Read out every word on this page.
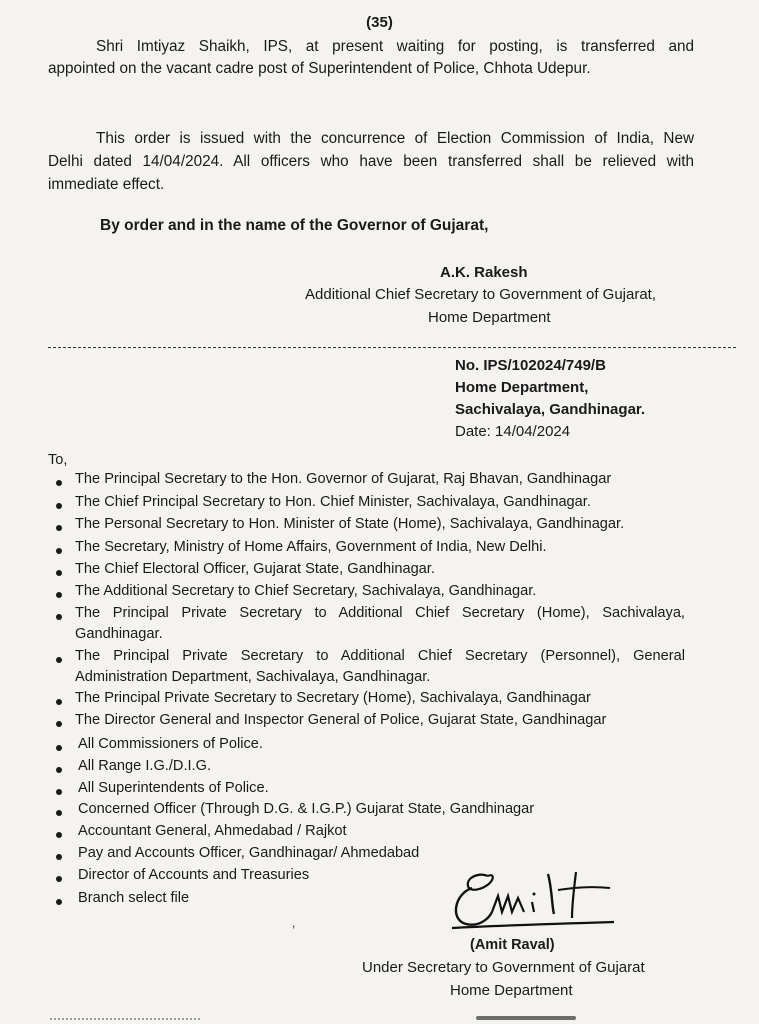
(35)
Shri Imtiyaz Shaikh, IPS, at present waiting for posting, is transferred and
appointed on the vacant cadre post of Superintendent of Police, Chhota Udepur.
This order is issued with the concurrence of Election Commission of India, New
Delhi dated 14/04/2024. All officers who have been transferred shall be relieved with
immediate effect.
By order and in the name of the Governor of Gujarat,
A.K. Rakesh
Additional Chief Secretary to Government of Gujarat,
Home Department
No. IPS/102024/749/B
Home Department,
Sachivalaya, Gandhinagar.
Date: 14/04/2024
To,
The Principal Secretary to the Hon. Governor of Gujarat, Raj Bhavan, Gandhinagar
The Chief Principal Secretary to Hon. Chief Minister, Sachivalaya, Gandhinagar.
The Personal Secretary to Hon. Minister of State (Home), Sachivalaya, Gandhinagar.
The Secretary, Ministry of Home Affairs, Government of India, New Delhi.
The Chief Electoral Officer, Gujarat State, Gandhinagar.
The Additional Secretary to Chief Secretary, Sachivalaya, Gandhinagar.
The Principal Private Secretary to Additional Chief Secretary (Home), Sachivalaya,
Gandhinagar.
The Principal Private Secretary to Additional Chief Secretary (Personnel), General
Administration Department, Sachivalaya, Gandhinagar.
The Principal Private Secretary to Secretary (Home), Sachivalaya, Gandhinagar
The Director General and Inspector General of Police, Gujarat State, Gandhinagar
All Commissioners of Police.
All Range I.G./D.I.G.
All Superintendents of Police.
Concerned Officer (Through D.G. & I.G.P.) Gujarat State, Gandhinagar
Accountant General, Ahmedabad / Rajkot
Pay and Accounts Officer, Gandhinagar/ Ahmedabad
Director of Accounts and Treasuries
Branch select file
,
(Amit Raval)
Under Secretary to Government of Gujarat
Home Department
